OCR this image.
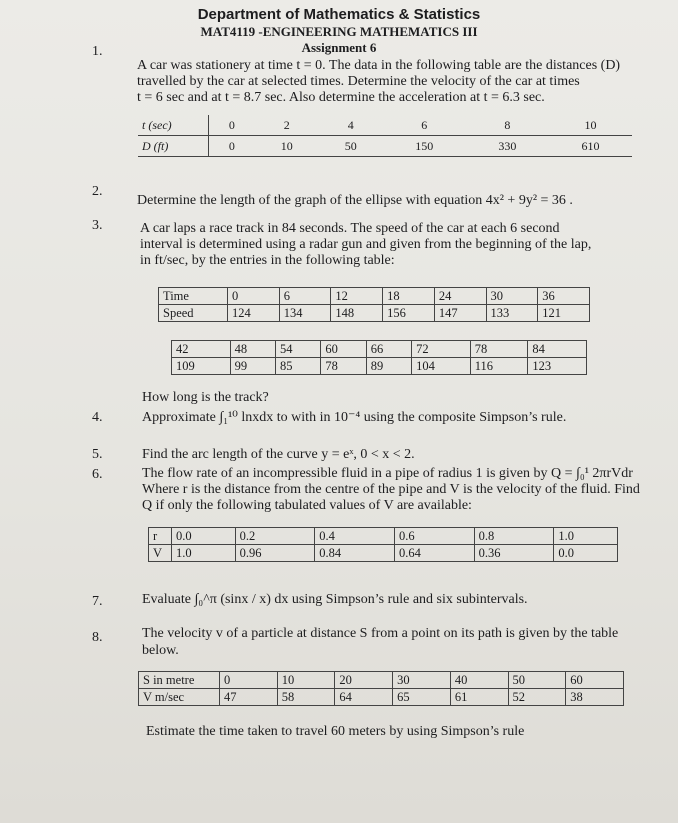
Department of Mathematics & Statistics
MAT4119 -ENGINEERING MATHEMATICS III
Assignment 6
1.
A car was stationery at time t = 0. The data in the following table are the distances (D)
travelled by the car at selected times. Determine the velocity of the car at times
t = 6 sec and at t = 8.7 sec. Also determine the acceleration at t = 6.3 sec.
t (sec)	0	2	4	6	8	10
D (ft)	0	10	50	150	330	610
2.
Determine the length of the graph of the ellipse with equation 4x² + 9y² = 36 .
3.	A car laps a race track in 84 seconds. The speed of the car at each 6 second
interval is determined using a radar gun and given from the beginning of the lap,
in ft/sec, by the entries in the following table:
Time	0	6	12	18	24	30	36
Speed	124	134	148	156	147	133	121
42	48	54	60	66	72	78	84
109	99	85	78	89	104	116	123
How long is the track?
4.	Approximate ∫₁¹⁰ lnxdx to with in 10⁻⁴ using the composite Simpson’s rule.
5.	Find the arc length of the curve y = eˣ, 0 < x < 2.
6.	The flow rate of an incompressible fluid in a pipe of radius 1 is given by Q = ∫₀¹ 2πrVdr
Where r is the distance from the centre of the pipe and V is the velocity of the fluid. Find
Q if only the following tabulated values of V are available:
r	0.0	0.2	0.4	0.6	0.8	1.0
V	1.0	0.96	0.84	0.64	0.36	0.0
7.	Evaluate ∫₀^π (sinx / x) dx using Simpson’s rule and six subintervals.
8.	The velocity v of a particle at distance S from a point on its path is given by the table
below.
S in metre	0	10	20	30	40	50	60
V m/sec	47	58	64	65	61	52	38
Estimate the time taken to travel 60 meters by using Simpson’s rule
